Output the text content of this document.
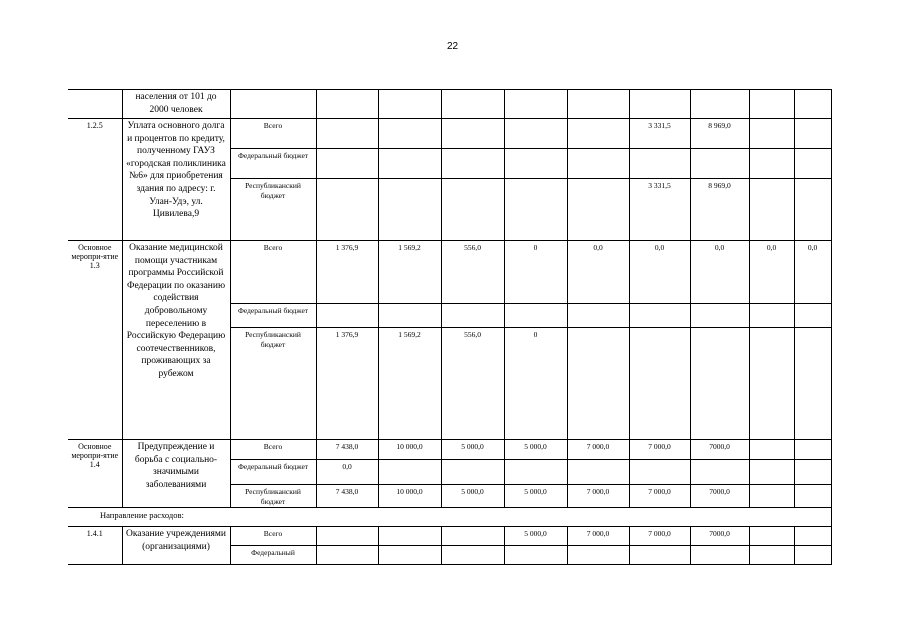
22

	населения от 101 до
2000 человек										

1.2.5	Уплата основного долга и процентов по кредиту, полученному ГАУЗ «городская поликлиника №6» для приобретения здания по адресу: г. Улан-Удэ, ул. Цивилева,9	Всего						3 331,5	8 969,0		
		Федеральный бюджет									
		Республиканский бюджет						3 331,5	8 969,0		
Основное меропри-ятие 1.3	Оказание медицинской помощи участникам программы Российской Федерации по оказанию содействия добровольному переселению в Российскую Федерацию соотечественников, проживающих за рубежом	Всего	1 376,9	1 569,2	556,0	0	0,0	0,0	0,0	0,0	0,0
		Федеральный бюджет									
		Республиканский бюджет	1 376,9	1 569,2	556,0	0					
Основное меропри-ятие 1.4	Предупреждение и борьба с социально-значимыми заболеваниями	Всего	7 438,0	10 000,0	5 000,0	5 000,0	7 000,0	7 000,0	7000,0		
		Федеральный бюджет	0,0								
		Республиканский бюджет	7 438,0	10 000,0	5 000,0	5 000,0	7 000,0	7 000,0	7000,0		
Направление расходов:											
1.4.1	Оказание учреждениями (организациями)	Всего				5 000,0	7 000,0	7 000,0	7000,0		
		Федеральный									
